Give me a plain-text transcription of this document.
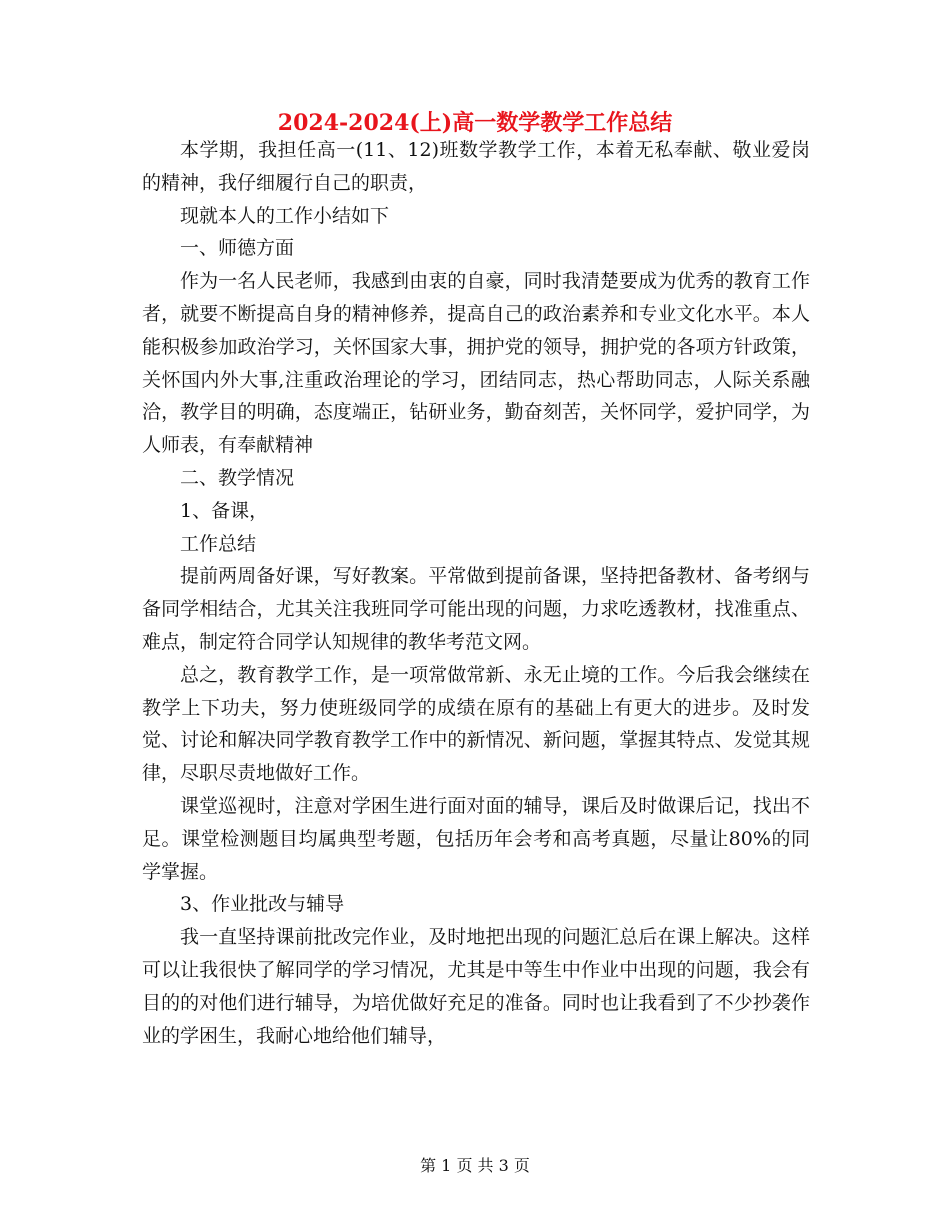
2024-2024(上)高一数学教学工作总结

本学期，我担任高一(11、12)班数学教学工作，本着无私奉献、敬业爱岗的精神，我仔细履行自己的职责，

现就本人的工作小结如下

一、师德方面

作为一名人民老师，我感到由衷的自豪，同时我清楚要成为优秀的教育工作者，就要不断提高自身的精神修养，提高自己的政治素养和专业文化水平。本人能积极参加政治学习，关怀国家大事，拥护党的领导，拥护党的各项方针政策，关怀国内外大事,注重政治理论的学习，团结同志，热心帮助同志，人际关系融洽，教学目的明确，态度端正，钻研业务，勤奋刻苦，关怀同学，爱护同学，为人师表，有奉献精神

二、教学情况

1、备课，

工作总结

提前两周备好课，写好教案。平常做到提前备课，坚持把备教材、备考纲与备同学相结合，尤其关注我班同学可能出现的问题，力求吃透教材，找准重点、难点，制定符合同学认知规律的教华考范文网。

总之，教育教学工作，是一项常做常新、永无止境的工作。今后我会继续在教学上下功夫，努力使班级同学的成绩在原有的基础上有更大的进步。及时发觉、讨论和解决同学教育教学工作中的新情况、新问题，掌握其特点、发觉其规律，尽职尽责地做好工作。

课堂巡视时，注意对学困生进行面对面的辅导，课后及时做课后记，找出不足。课堂检测题目均属典型考题，包括历年会考和高考真题，尽量让80%的同学掌握。

3、作业批改与辅导

我一直坚持课前批改完作业，及时地把出现的问题汇总后在课上解决。这样可以让我很快了解同学的学习情况，尤其是中等生中作业中出现的问题，我会有目的的对他们进行辅导，为培优做好充足的准备。同时也让我看到了不少抄袭作业的学困生，我耐心地给他们辅导，

第 1 页 共 3 页
